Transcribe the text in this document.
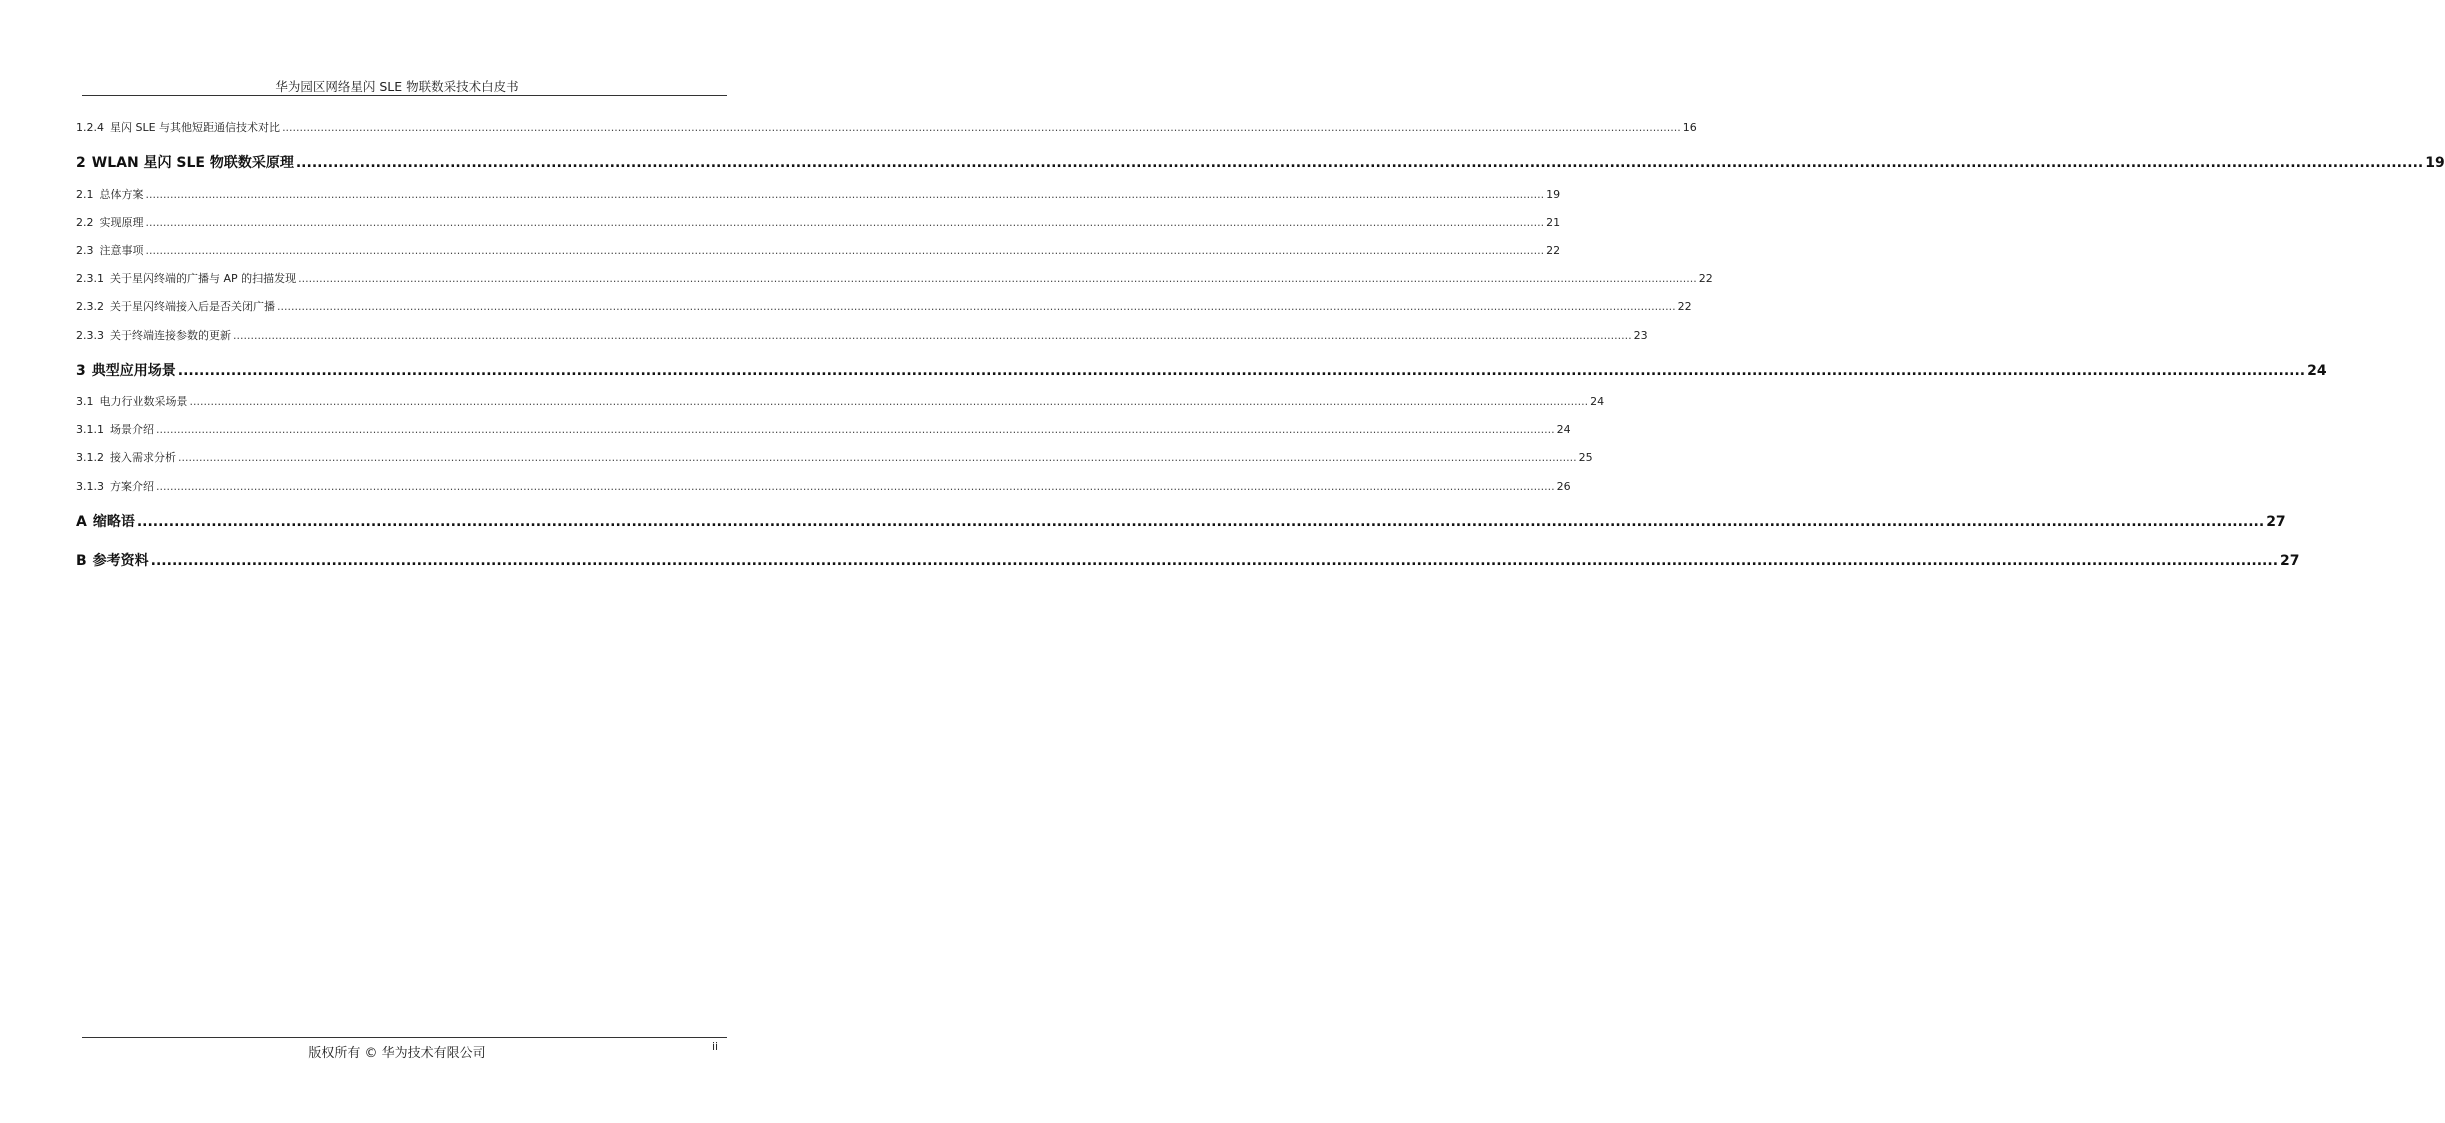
华为园区网络星闪 SLE 物联数采技术白皮书
1.2.4 星闪 SLE 与其他短距通信技术对比 ................................................................................................................................................................................................................................................................................................................................................................................................................ 16
2 WLAN 星闪 SLE 物联数采原理 ................................................................................................................................................................................................................................................................................................................................................................................................................ 19
2.1 总体方案 ................................................................................................................................................................................................................................................................................................................................................................................................................ 19
2.2 实现原理 ................................................................................................................................................................................................................................................................................................................................................................................................................ 21
2.3 注意事项 ................................................................................................................................................................................................................................................................................................................................................................................................................ 22
2.3.1 关于星闪终端的广播与 AP 的扫描发现 ................................................................................................................................................................................................................................................................................................................................................................................................................ 22
2.3.2 关于星闪终端接入后是否关闭广播 ................................................................................................................................................................................................................................................................................................................................................................................................................ 22
2.3.3 关于终端连接参数的更新 ................................................................................................................................................................................................................................................................................................................................................................................................................ 23
3 典型应用场景 ................................................................................................................................................................................................................................................................................................................................................................................................................ 24
3.1 电力行业数采场景 ................................................................................................................................................................................................................................................................................................................................................................................................................ 24
3.1.1 场景介绍 ................................................................................................................................................................................................................................................................................................................................................................................................................ 24
3.1.2 接入需求分析 ................................................................................................................................................................................................................................................................................................................................................................................................................ 25
3.1.3 方案介绍 ................................................................................................................................................................................................................................................................................................................................................................................................................ 26
A 缩略语 ................................................................................................................................................................................................................................................................................................................................................................................................................ 27
B 参考资料 ................................................................................................................................................................................................................................................................................................................................................................................................................ 27
版权所有 © 华为技术有限公司	ii
